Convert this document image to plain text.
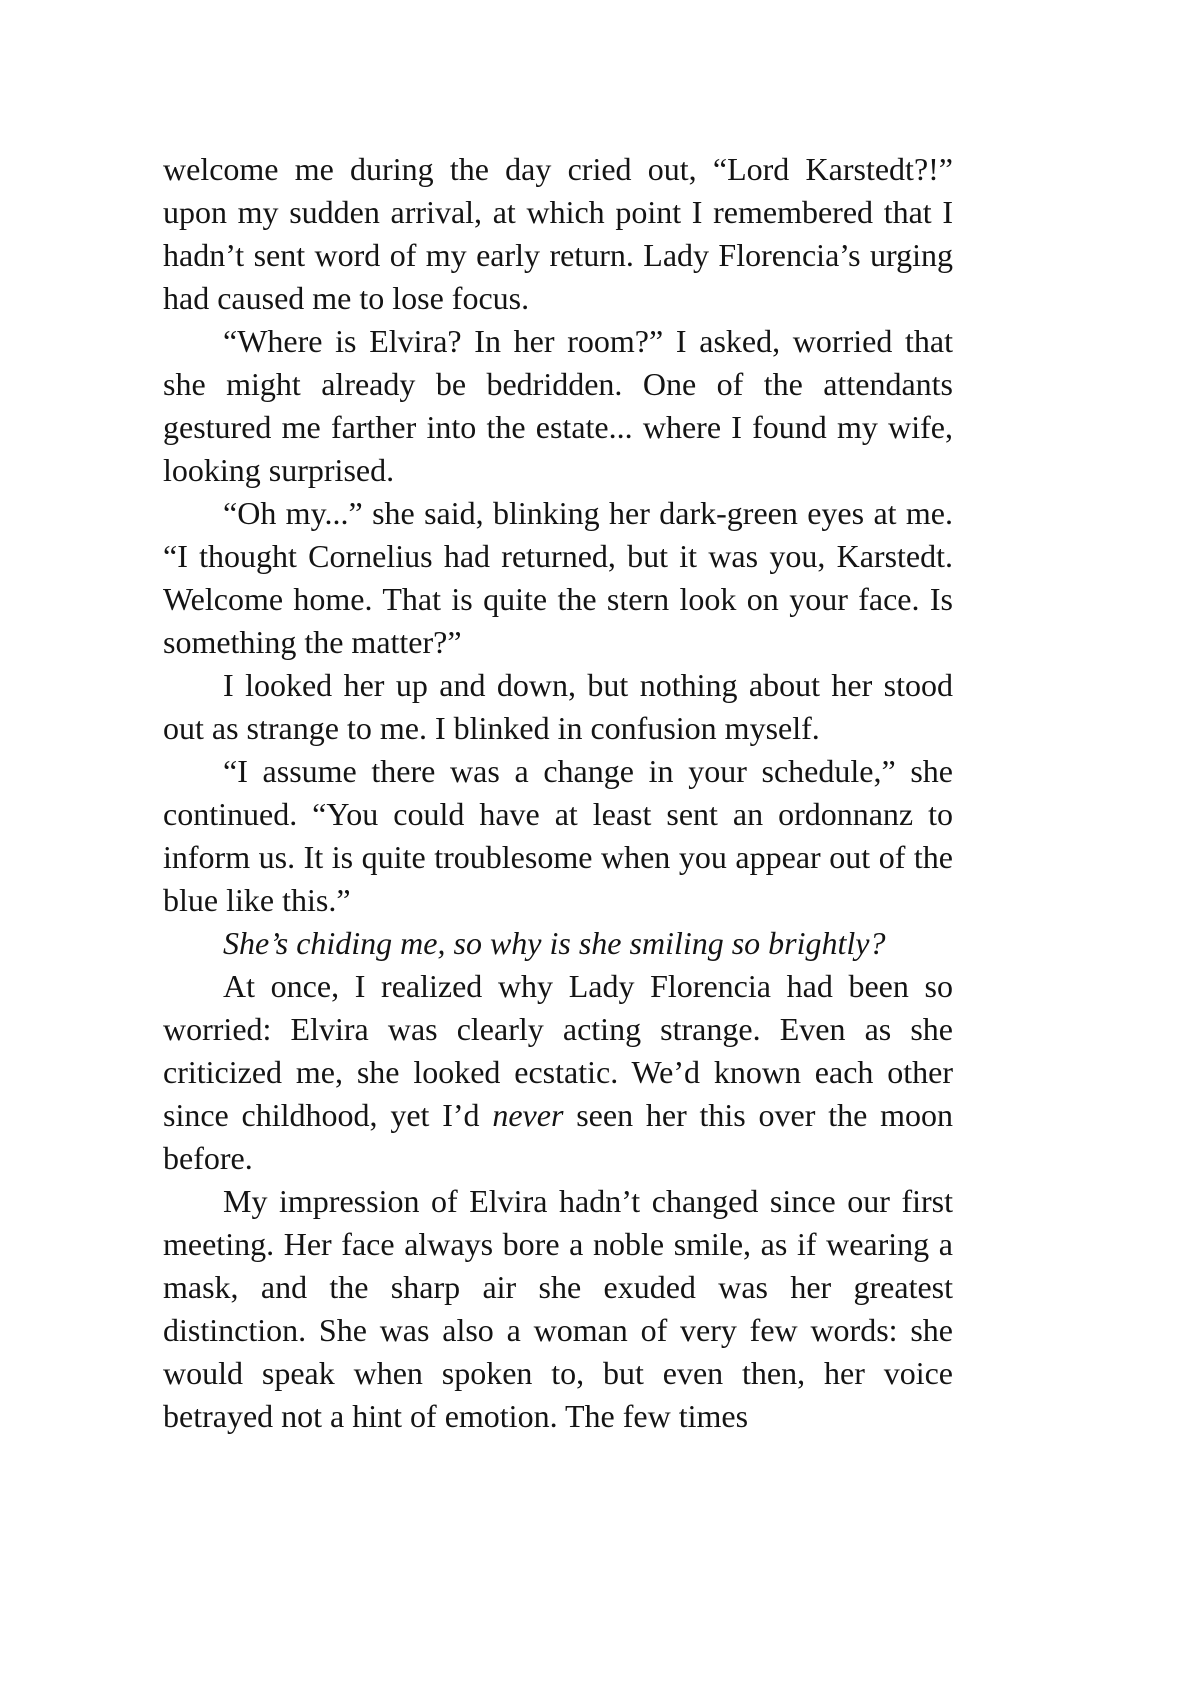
welcome me during the day cried out, “Lord Karstedt?!” upon my sudden arrival, at which point I remembered that I hadn’t sent word of my early return. Lady Florencia’s urging had caused me to lose focus.

“Where is Elvira? In her room?” I asked, worried that she might already be bedridden. One of the attendants gestured me farther into the estate... where I found my wife, looking surprised.

“Oh my...” she said, blinking her dark-green eyes at me. “I thought Cornelius had returned, but it was you, Karstedt. Welcome home. That is quite the stern look on your face. Is something the matter?”

I looked her up and down, but nothing about her stood out as strange to me. I blinked in confusion myself.

“I assume there was a change in your schedule,” she continued. “You could have at least sent an ordonnanz to inform us. It is quite troublesome when you appear out of the blue like this.”

She’s chiding me, so why is she smiling so brightly?

At once, I realized why Lady Florencia had been so worried: Elvira was clearly acting strange. Even as she criticized me, she looked ecstatic. We’d known each other since childhood, yet I’d never seen her this over the moon before.

My impression of Elvira hadn’t changed since our first meeting. Her face always bore a noble smile, as if wearing a mask, and the sharp air she exuded was her greatest distinction. She was also a woman of very few words: she would speak when spoken to, but even then, her voice betrayed not a hint of emotion. The few times
